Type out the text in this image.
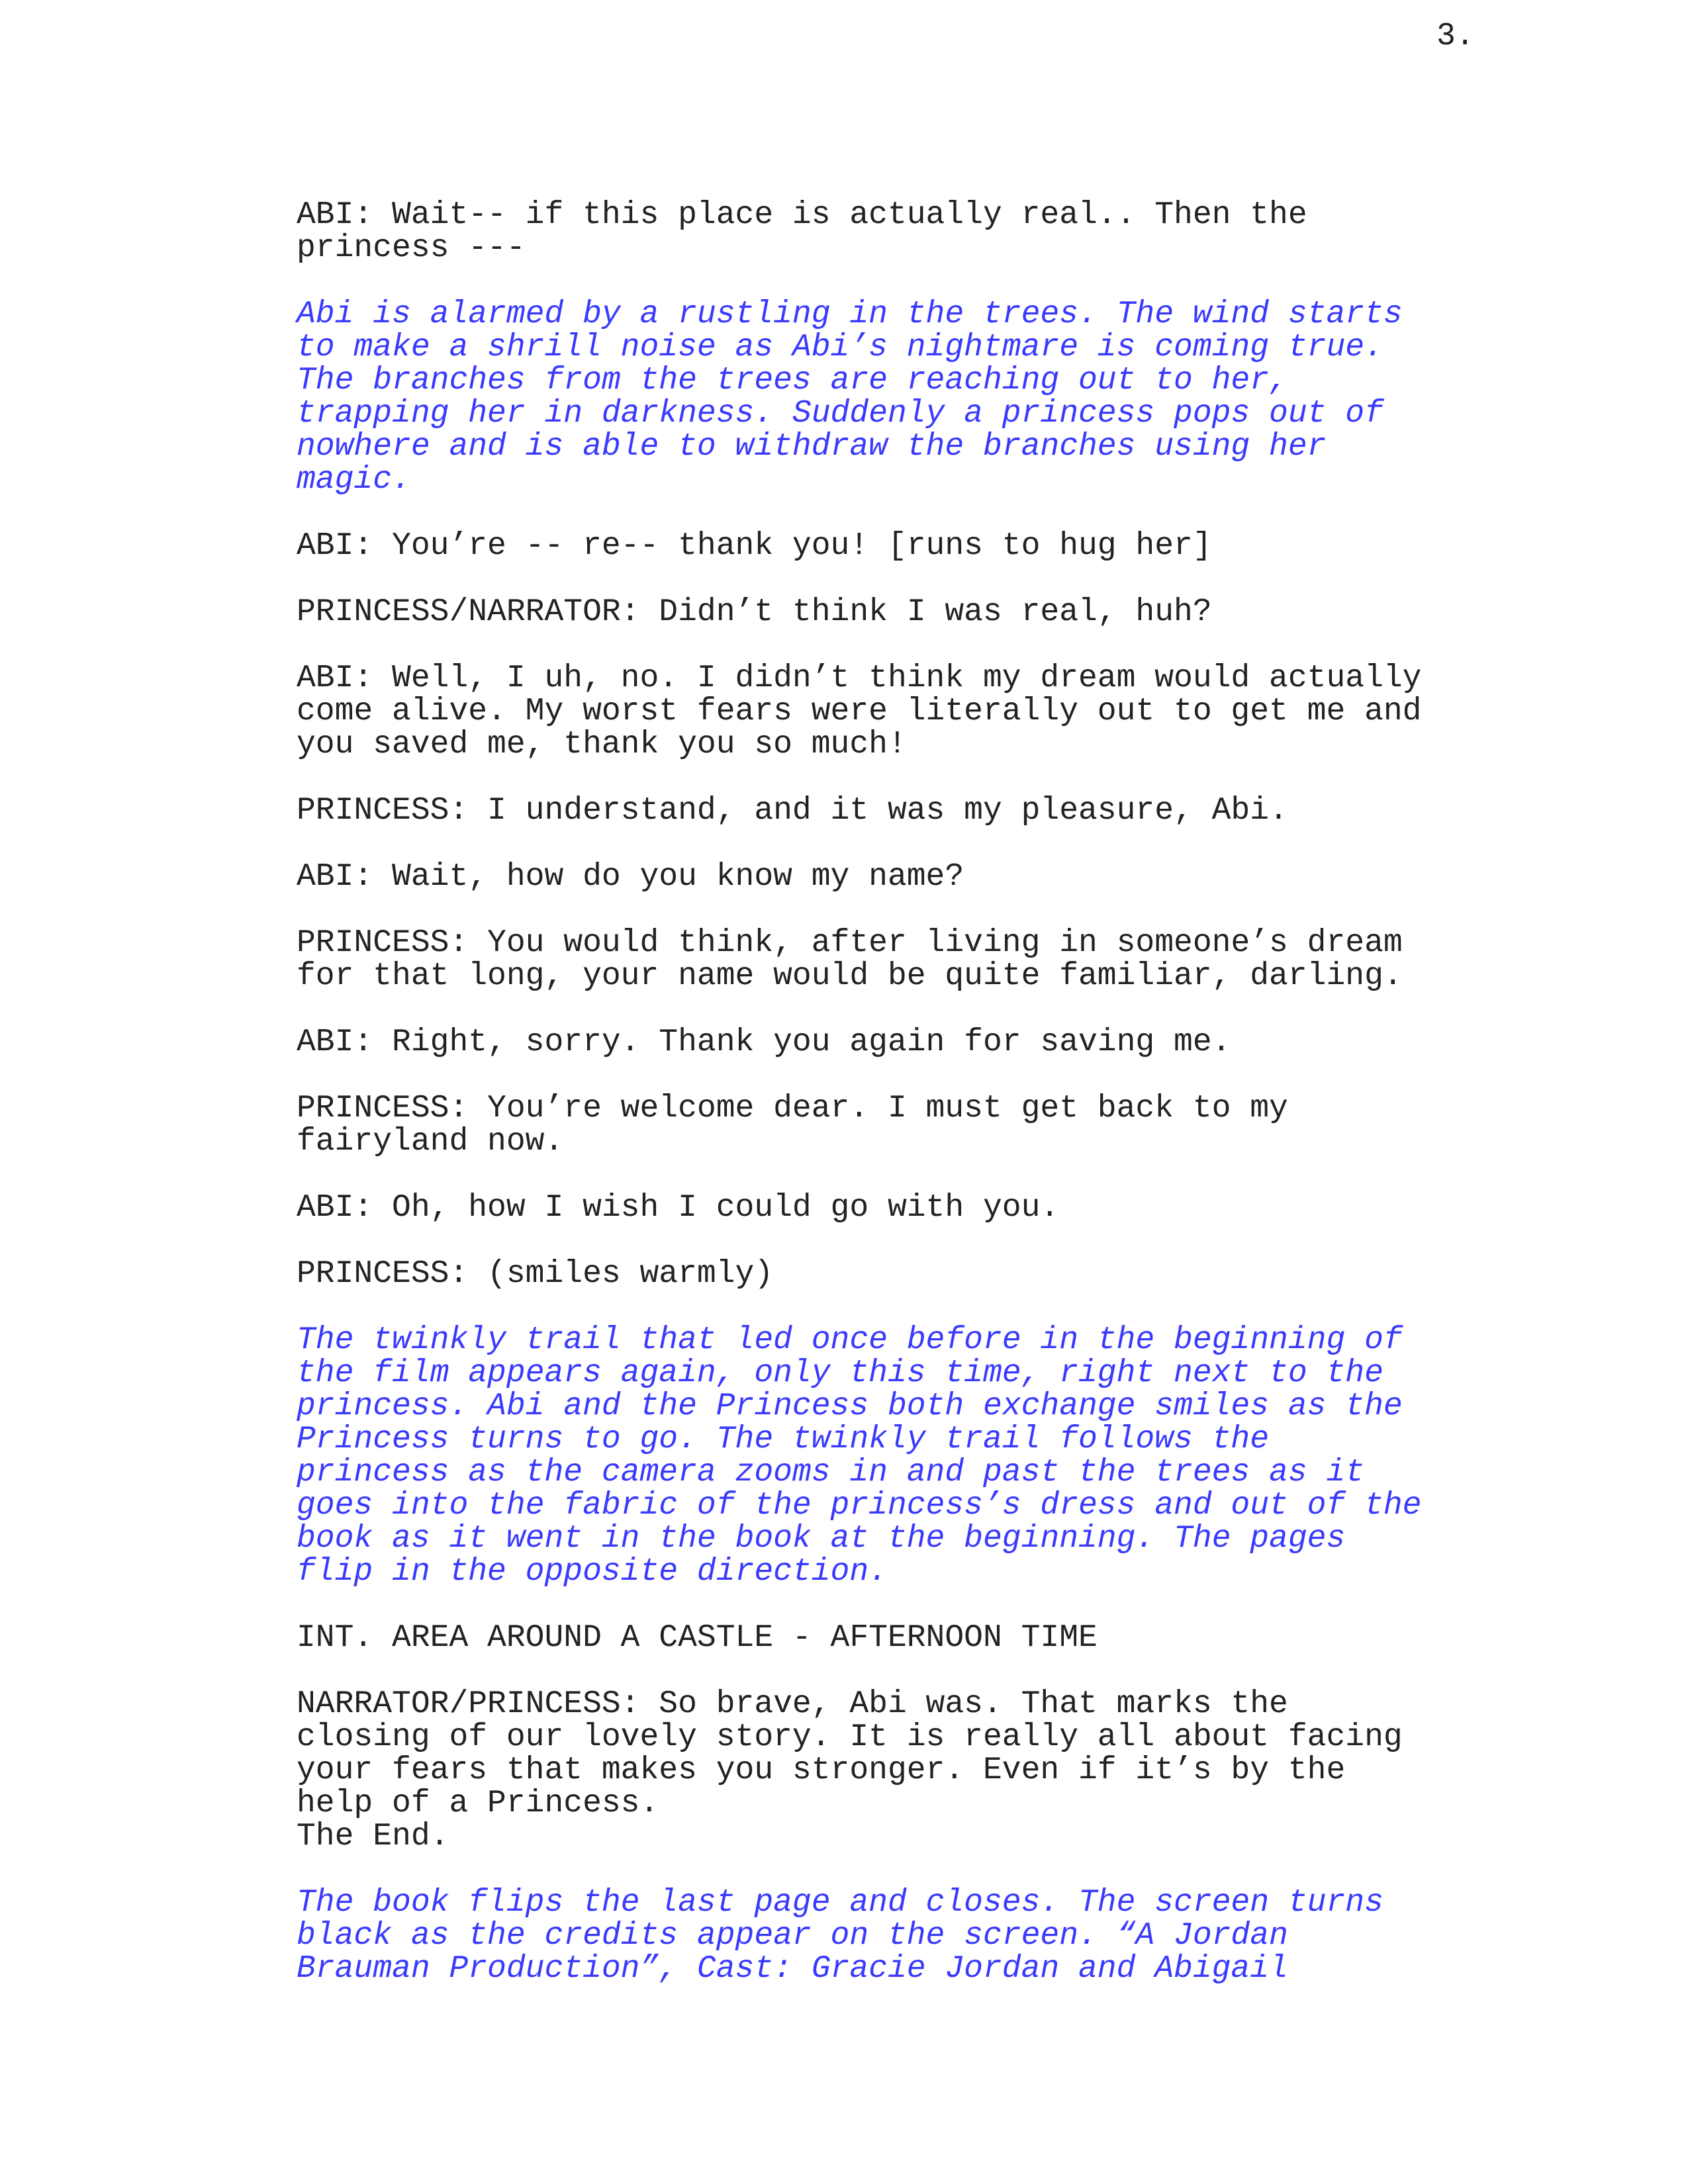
3.
ABI: Wait-- if this place is actually real.. Then the
princess ---
Abi is alarmed by a rustling in the trees. The wind starts
to make a shrill noise as Abi’s nightmare is coming true.
The branches from the trees are reaching out to her,
trapping her in darkness. Suddenly a princess pops out of
nowhere and is able to withdraw the branches using her
magic.
ABI: You’re -- re-- thank you! [runs to hug her]
PRINCESS/NARRATOR: Didn’t think I was real, huh?
ABI: Well, I uh, no. I didn’t think my dream would actually
come alive. My worst fears were literally out to get me and
you saved me, thank you so much!
PRINCESS: I understand, and it was my pleasure, Abi.
ABI: Wait, how do you know my name?
PRINCESS: You would think, after living in someone’s dream
for that long, your name would be quite familiar, darling.
ABI: Right, sorry. Thank you again for saving me.
PRINCESS: You’re welcome dear. I must get back to my
fairyland now.
ABI: Oh, how I wish I could go with you.
PRINCESS: (smiles warmly)
The twinkly trail that led once before in the beginning of
the film appears again, only this time, right next to the
princess. Abi and the Princess both exchange smiles as the
Princess turns to go. The twinkly trail follows the
princess as the camera zooms in and past the trees as it
goes into the fabric of the princess’s dress and out of the
book as it went in the book at the beginning. The pages
flip in the opposite direction.
INT. AREA AROUND A CASTLE - AFTERNOON TIME
NARRATOR/PRINCESS: So brave, Abi was. That marks the
closing of our lovely story. It is really all about facing
your fears that makes you stronger. Even if it’s by the
help of a Princess.
The End.
The book flips the last page and closes. The screen turns
black as the credits appear on the screen. “A Jordan
Brauman Production”, Cast: Gracie Jordan and Abigail
